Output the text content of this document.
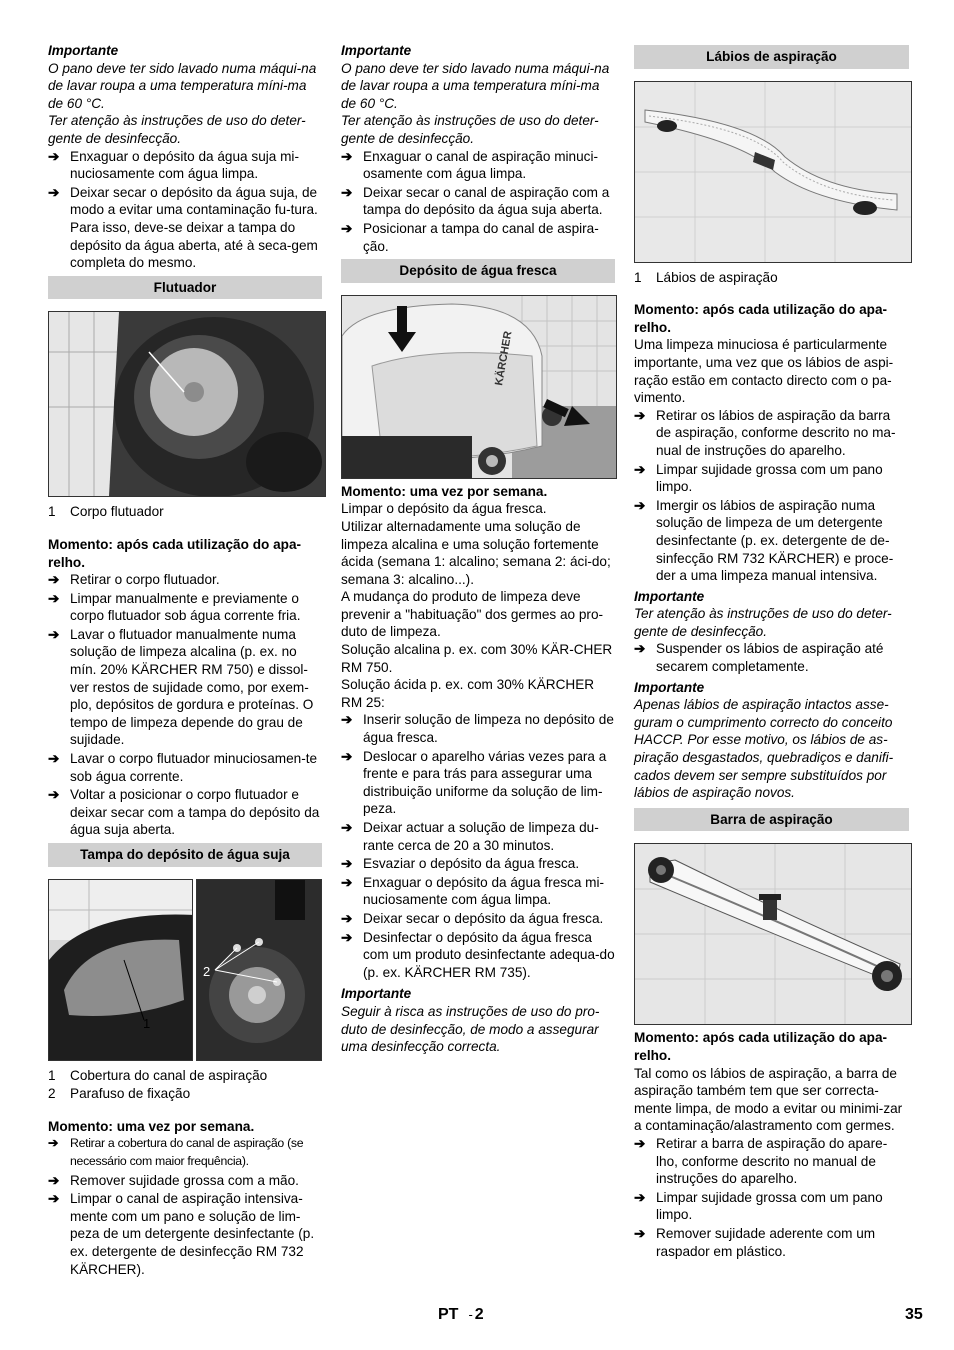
Importante

O pano deve ter sido lavado numa máqui-na de lavar roupa a uma temperatura míni-ma de 60 °C.

Ter atenção às instruções de uso do deter-gente de desinfecção.

➔ Enxaguar o depósito da água suja mi-nuciosamente com água limpa.
➔ Deixar secar o depósito da água suja, de modo a evitar uma contaminação fu-tura.
Para isso, deve-se deixar a tampa do depósito da água aberta, até à seca-gem completa do mesmo.
Flutuador
1	Corpo flutuador

Momento: após cada utilização do apa-relho.

➔ Retirar o corpo flutuador.
➔ Limpar manualmente e previamente o corpo flutuador sob água corrente fria.
➔ Lavar o flutuador manualmente numa solução de limpeza alcalina (p. ex. no mín. 20% KÄRCHER RM 750) e dissol-ver restos de sujidade como, por exem-plo, depósitos de gordura e proteínas. O tempo de limpeza depende do grau de sujidade.
➔ Lavar o corpo flutuador minuciosamen-te sob água corrente.
➔ Voltar a posicionar o corpo flutuador e deixar secar com a tampa do depósito da água suja aberta.
Tampa do depósito de água suja
1
2
1	Cobertura do canal de aspiração
2	Parafuso de fixação

Momento: uma vez por semana.

➔ Retirar a cobertura do canal de aspiração (se necessário com maior frequência).
➔ Remover sujidade grossa com a mão.
➔ Limpar o canal de aspiração intensiva-mente com um pano e solução de lim-peza de um detergente desinfectante (p. ex. detergente de desinfecção RM 732 KÄRCHER).

Importante

O pano deve ter sido lavado numa máqui-na de lavar roupa a uma temperatura míni-ma de 60 °C.

Ter atenção às instruções de uso do deter-gente de desinfecção.

➔ Enxaguar o canal de aspiração minuci-osamente com água limpa.
➔ Deixar secar o canal de aspiração com a tampa do depósito da água suja aberta.
➔ Posicionar a tampa do canal de aspira-ção.
Depósito de água fresca
KÄRCHER

Momento: uma vez por semana.

Limpar o depósito da água fresca.

Utilizar alternadamente uma solução de limpeza alcalina e uma solução fortemente ácida (semana 1: alcalino; semana 2: áci-do; semana 3: alcalino...).

A mudança do produto de limpeza deve prevenir a "habituação" dos germes ao pro-duto de limpeza.

Solução alcalina p. ex. com 30% KÄR-CHER RM 750.

Solução ácida p. ex. com 30% KÄRCHER RM 25:

➔ Inserir solução de limpeza no depósito de água fresca.
➔ Deslocar o aparelho várias vezes para a frente e para trás para assegurar uma distribuição uniforme da solução de lim-peza.
➔ Deixar actuar a solução de limpeza du-rante cerca de 20 a 30 minutos.
➔ Esvaziar o depósito da água fresca.
➔ Enxaguar o depósito da água fresca mi-nuciosamente com água limpa.
➔ Deixar secar o depósito da água fresca.
➔ Desinfectar o depósito da água fresca com um produto desinfectante adequa-do (p. ex. KÄRCHER RM 735).

Importante

Seguir à risca as instruções de uso do pro-duto de desinfecção, de modo a assegurar uma desinfecção correcta.

Lábios de aspiração
1	Lábios de aspiração

Momento: após cada utilização do apa-relho.

Uma limpeza minuciosa é particularmente importante, uma vez que os lábios de aspi-ração estão em contacto directo com o pa-vimento.

➔ Retirar os lábios de aspiração da barra de aspiração, conforme descrito no ma-nual de instruções do aparelho.
➔ Limpar sujidade grossa com um pano limpo.
➔ Imergir os lábios de aspiração numa solução de limpeza de um detergente desinfectante (p. ex. detergente de de-sinfecção RM 732 KÄRCHER) e proce-der a uma limpeza manual intensiva.

Importante

Ter atenção às instruções de uso do deter-gente de desinfecção.

➔ Suspender os lábios de aspiração até secarem completamente.

Importante

Apenas lábios de aspiração intactos asse-guram o cumprimento correcto do conceito HACCP. Por esse motivo, os lábios de as-piração desgastados, quebradiços e danifi-cados devem ser sempre substituídos por lábios de aspiração novos.

Barra de aspiração

Momento: após cada utilização do apa-relho.

Tal como os lábios de aspiração, a barra de aspiração também tem que ser correcta-mente limpa, de modo a evitar ou minimi-zar a contaminação/alastramento com germes.

➔ Retirar a barra de aspiração do apare-lho, conforme descrito no manual de instruções do aparelho.
➔ Limpar sujidade grossa com um pano limpo.
➔ Remover sujidade aderente com um raspador em plástico.
PT - 2	35
